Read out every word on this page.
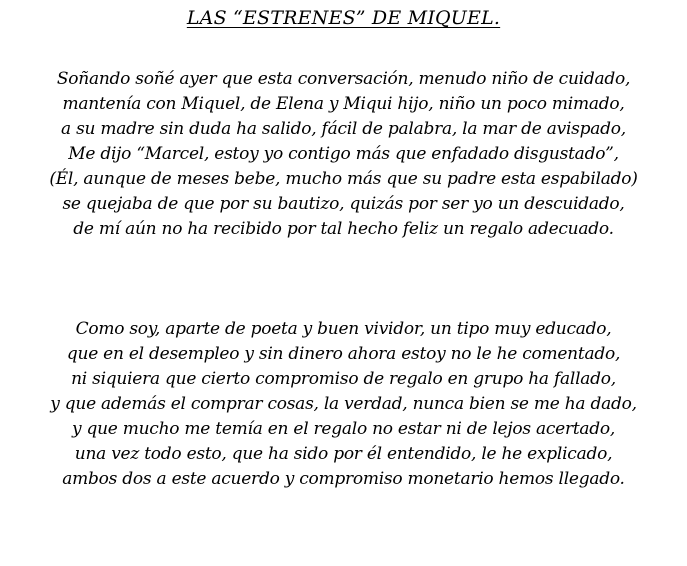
LAS “ESTRENES” DE MIQUEL.
Soñando soñé ayer que esta conversación, menudo niño de cuidado,
mantenía con Miquel, de Elena y Miqui hijo, niño un poco mimado,
a su madre sin duda ha salido, fácil de palabra, la mar de avispado,
Me dijo “Marcel, estoy yo contigo más que enfadado disgustado”,
(Él, aunque de meses bebe, mucho más que su padre esta espabilado)
se quejaba de que por su bautizo, quizás por ser yo un descuidado,
de mí aún no ha recibido por tal hecho feliz un regalo adecuado.
Como soy, aparte de poeta y buen vividor, un tipo muy educado,
que en el desempleo y sin dinero ahora estoy no le he comentado,
ni siquiera que cierto compromiso de regalo en grupo ha fallado,
y que además el comprar cosas, la verdad, nunca bien se me ha dado,
y que mucho me temía en el regalo no estar ni de lejos acertado,
una vez todo esto, que ha sido por él entendido, le he explicado,
ambos dos a este acuerdo y compromiso monetario hemos llegado.
